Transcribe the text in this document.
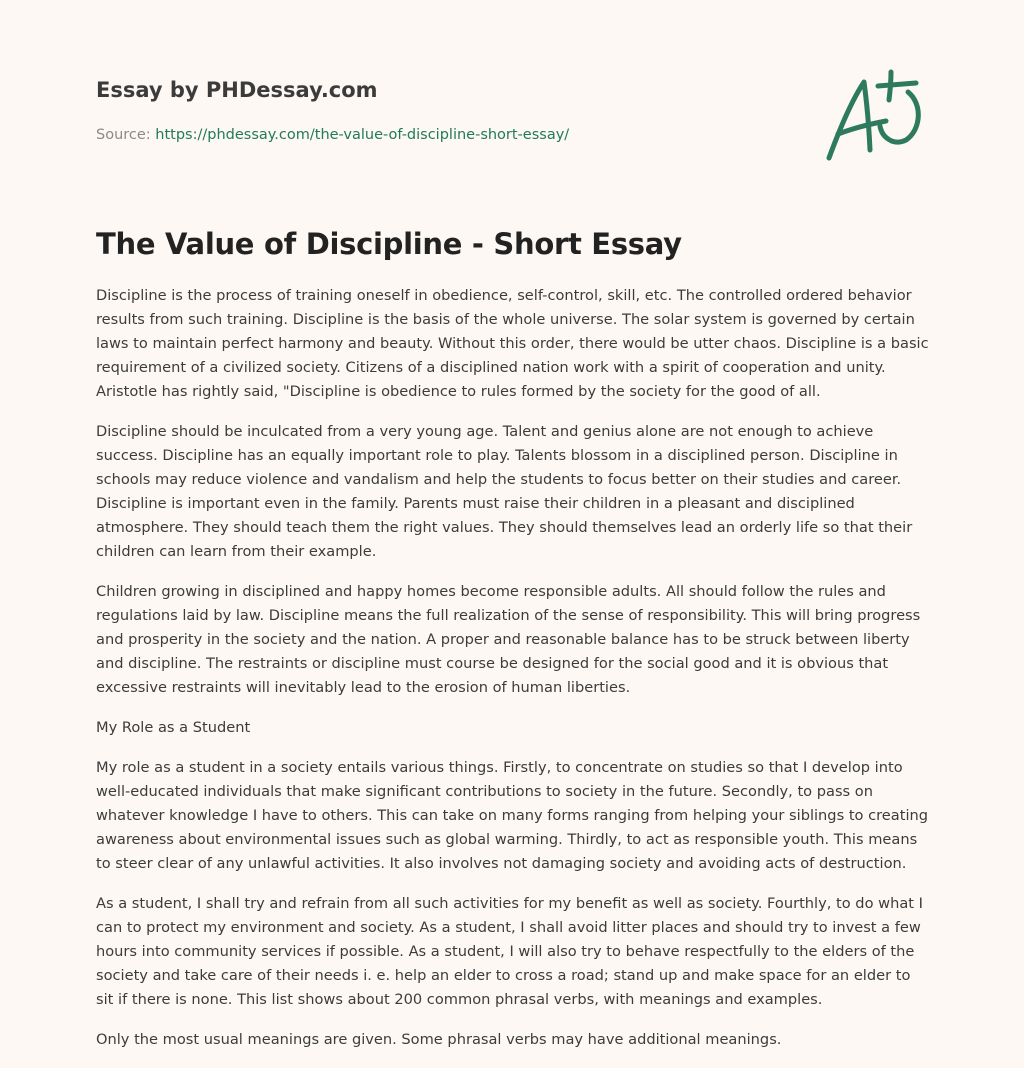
Essay by PHDessay.com
Source: https://phdessay.com/the-value-of-discipline-short-essay/
The Value of Discipline - Short Essay

Discipline is the process of training oneself in obedience, self-control, skill, etc. The controlled ordered behavior results from such training. Discipline is the basis of the whole universe. The solar system is governed by certain laws to maintain perfect harmony and beauty. Without this order, there would be utter chaos. Discipline is a basic requirement of a civilized society. Citizens of a disciplined nation work with a spirit of cooperation and unity. Aristotle has rightly said, "Discipline is obedience to rules formed by the society for the good of all.

Discipline should be inculcated from a very young age. Talent and genius alone are not enough to achieve success. Discipline has an equally important role to play. Talents blossom in a disciplined person. Discipline in schools may reduce violence and vandalism and help the students to focus better on their studies and career. Discipline is important even in the family. Parents must raise their children in a pleasant and disciplined atmosphere. They should teach them the right values. They should themselves lead an orderly life so that their children can learn from their example.

Children growing in disciplined and happy homes become responsible adults. All should follow the rules and regulations laid by law. Discipline means the full realization of the sense of responsibility. This will bring progress and prosperity in the society and the nation. A proper and reasonable balance has to be struck between liberty and discipline. The restraints or discipline must course be designed for the social good and it is obvious that excessive restraints will inevitably lead to the erosion of human liberties.

My Role as a Student

My role as a student in a society entails various things. Firstly, to concentrate on studies so that I develop into well-educated individuals that make significant contributions to society in the future. Secondly, to pass on whatever knowledge I have to others. This can take on many forms ranging from helping your siblings to creating awareness about environmental issues such as global warming. Thirdly, to act as responsible youth. This means to steer clear of any unlawful activities. It also involves not damaging society and avoiding acts of destruction.

As a student, I shall try and refrain from all such activities for my benefit as well as society. Fourthly, to do what I can to protect my environment and society. As a student, I shall avoid litter places and should try to invest a few hours into community services if possible. As a student, I will also try to behave respectfully to the elders of the society and take care of their needs i. e. help an elder to cross a road; stand up and make space for an elder to sit if there is none. This list shows about 200 common phrasal verbs, with meanings and examples.

Only the most usual meanings are given. Some phrasal verbs may have additional meanings.
